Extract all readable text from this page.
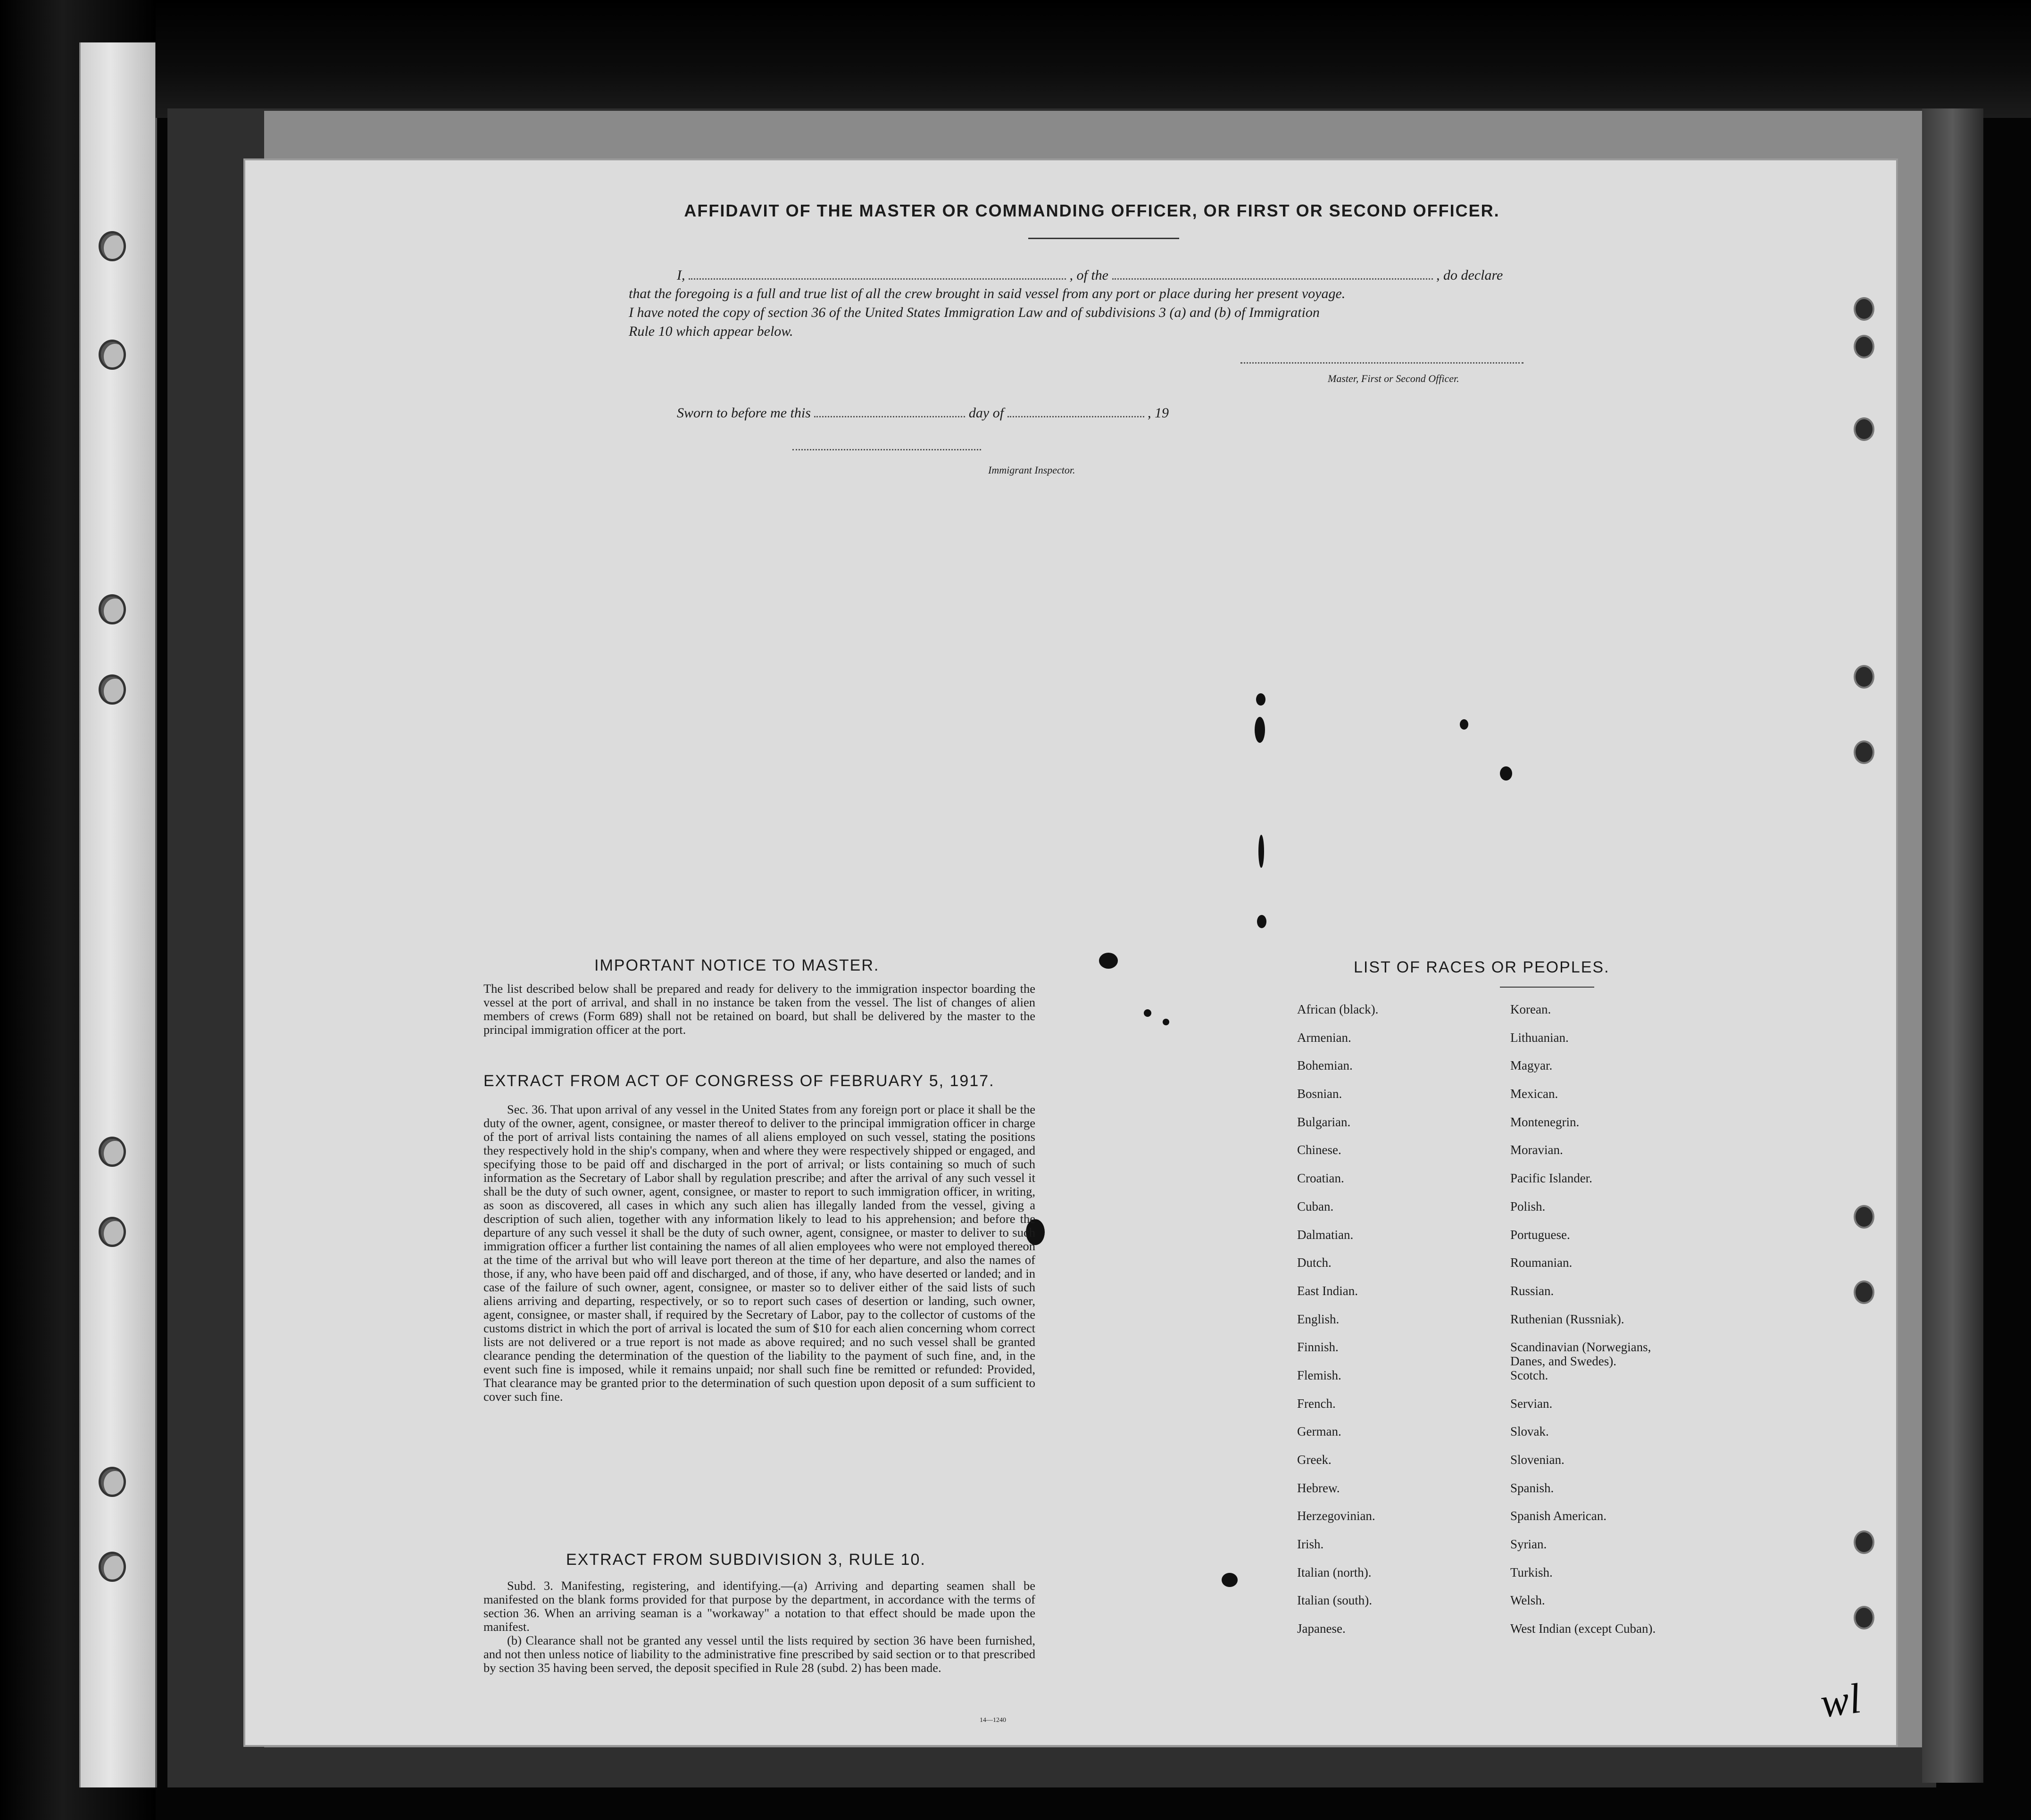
AFFIDAVIT OF THE MASTER OR COMMANDING OFFICER, OR FIRST OR SECOND OFFICER.
I,	, of the	, do declare
that the foregoing is a full and true list of all the crew brought in said vessel from any port or place during her present voyage.
I have noted the copy of section 36 of the United States Immigration Law and of subdivisions 3 (a) and (b) of Immigration
Rule 10 which appear below.
Master, First or Second Officer.
Sworn to before me this	day of	, 19
Immigrant Inspector.
IMPORTANT NOTICE TO MASTER.
The list described below shall be prepared and ready for delivery to the immigration inspector boarding the vessel at the port of arrival, and shall in no instance be taken from the vessel. The list of changes of alien members of crews (Form 689) shall not be retained on board, but shall be delivered by the master to the principal immigration officer at the port.
EXTRACT FROM ACT OF CONGRESS OF FEBRUARY 5, 1917.
Sec. 36. That upon arrival of any vessel in the United States from any foreign port or place it shall be the duty of the owner, agent, consignee, or master thereof to deliver to the principal immigration officer in charge of the port of arrival lists containing the names of all aliens employed on such vessel, stating the positions they respectively hold in the ship's company, when and where they were respectively shipped or engaged, and specifying those to be paid off and discharged in the port of arrival; or lists containing so much of such information as the Secretary of Labor shall by regulation prescribe; and after the arrival of any such vessel it shall be the duty of such owner, agent, consignee, or master to report to such immigration officer, in writing, as soon as discovered, all cases in which any such alien has illegally landed from the vessel, giving a description of such alien, together with any information likely to lead to his apprehension; and before the departure of any such vessel it shall be the duty of such owner, agent, consignee, or master to deliver to such immigration officer a further list containing the names of all alien employees who were not employed thereon at the time of the arrival but who will leave port thereon at the time of her departure, and also the names of those, if any, who have been paid off and discharged, and of those, if any, who have deserted or landed; and in case of the failure of such owner, agent, consignee, or master so to deliver either of the said lists of such aliens arriving and departing, respectively, or so to report such cases of desertion or landing, such owner, agent, consignee, or master shall, if required by the Secretary of Labor, pay to the collector of customs of the customs district in which the port of arrival is located the sum of $10 for each alien concerning whom correct lists are not delivered or a true report is not made as above required; and no such vessel shall be granted clearance pending the determination of the question of the liability to the payment of such fine, and, in the event such fine is imposed, while it remains unpaid; nor shall such fine be remitted or refunded: Provided, That clearance may be granted prior to the determination of such question upon deposit of a sum sufficient to cover such fine.
EXTRACT FROM SUBDIVISION 3, RULE 10.
Subd. 3. Manifesting, registering, and identifying.—(a) Arriving and departing seamen shall be manifested on the blank forms provided for that purpose by the department, in accordance with the terms of section 36. When an arriving seaman is a "workaway" a notation to that effect should be made upon the manifest.
(b) Clearance shall not be granted any vessel until the lists required by section 36 have been furnished, and not then unless notice of liability to the administrative fine prescribed by said section or to that prescribed by section 35 having been served, the deposit specified in Rule 28 (subd. 2) has been made.
14—1240
LIST OF RACES OR PEOPLES.
African (black).
Armenian.
Bohemian.
Bosnian.
Bulgarian.
Chinese.
Croatian.
Cuban.
Dalmatian.
Dutch.
East Indian.
English.
Finnish.
Flemish.
French.
German.
Greek.
Hebrew.
Herzegovinian.
Irish.
Italian (north).
Italian (south).
Japanese.
Korean.
Lithuanian.
Magyar.
Mexican.
Montenegrin.
Moravian.
Pacific Islander.
Polish.
Portuguese.
Roumanian.
Russian.
Ruthenian (Russniak).
Scandinavian (Norwegians,
Danes, and Swedes).
Scotch.
Servian.
Slovak.
Slovenian.
Spanish.
Spanish American.
Syrian.
Turkish.
Welsh.
West Indian (except Cuban).
wl
